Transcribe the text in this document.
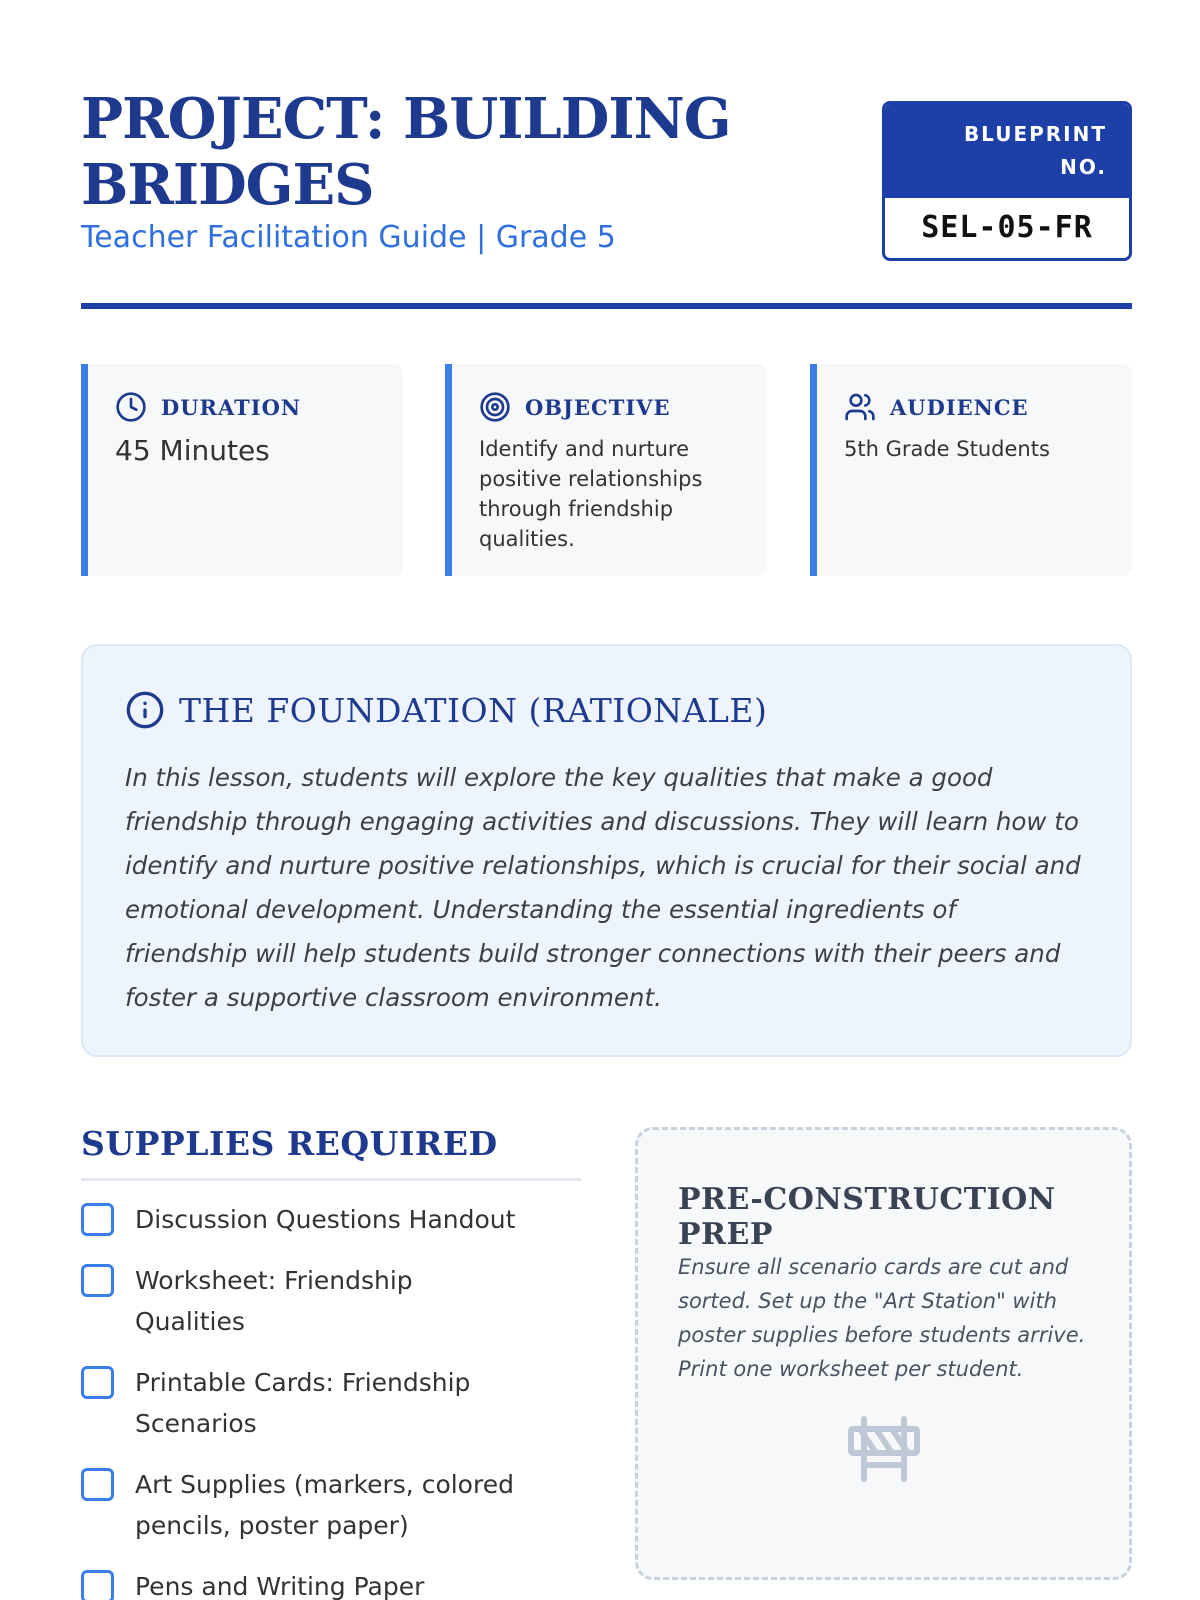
PROJECT: BUILDING BRIDGES
Teacher Facilitation Guide | Grade 5
BLUEPRINT
NO.
SEL-05-FR
DURATION
45 Minutes
OBJECTIVE
Identify and nurture positive relationships through friendship qualities.
AUDIENCE
5th Grade Students
THE FOUNDATION (RATIONALE)

In this lesson, students will explore the key qualities that make a good friendship through engaging activities and discussions. They will learn how to identify and nurture positive relationships, which is crucial for their social and emotional development. Understanding the essential ingredients of friendship will help students build stronger connections with their peers and foster a supportive classroom environment.

SUPPLIES REQUIRED
Discussion Questions Handout
Worksheet: Friendship Qualities
Printable Cards: Friendship Scenarios
Art Supplies (markers, colored pencils, poster paper)
Pens and Writing Paper
PRE-CONSTRUCTION PREP

Ensure all scenario cards are cut and sorted. Set up the "Art Station" with poster supplies before students arrive. Print one worksheet per student.
